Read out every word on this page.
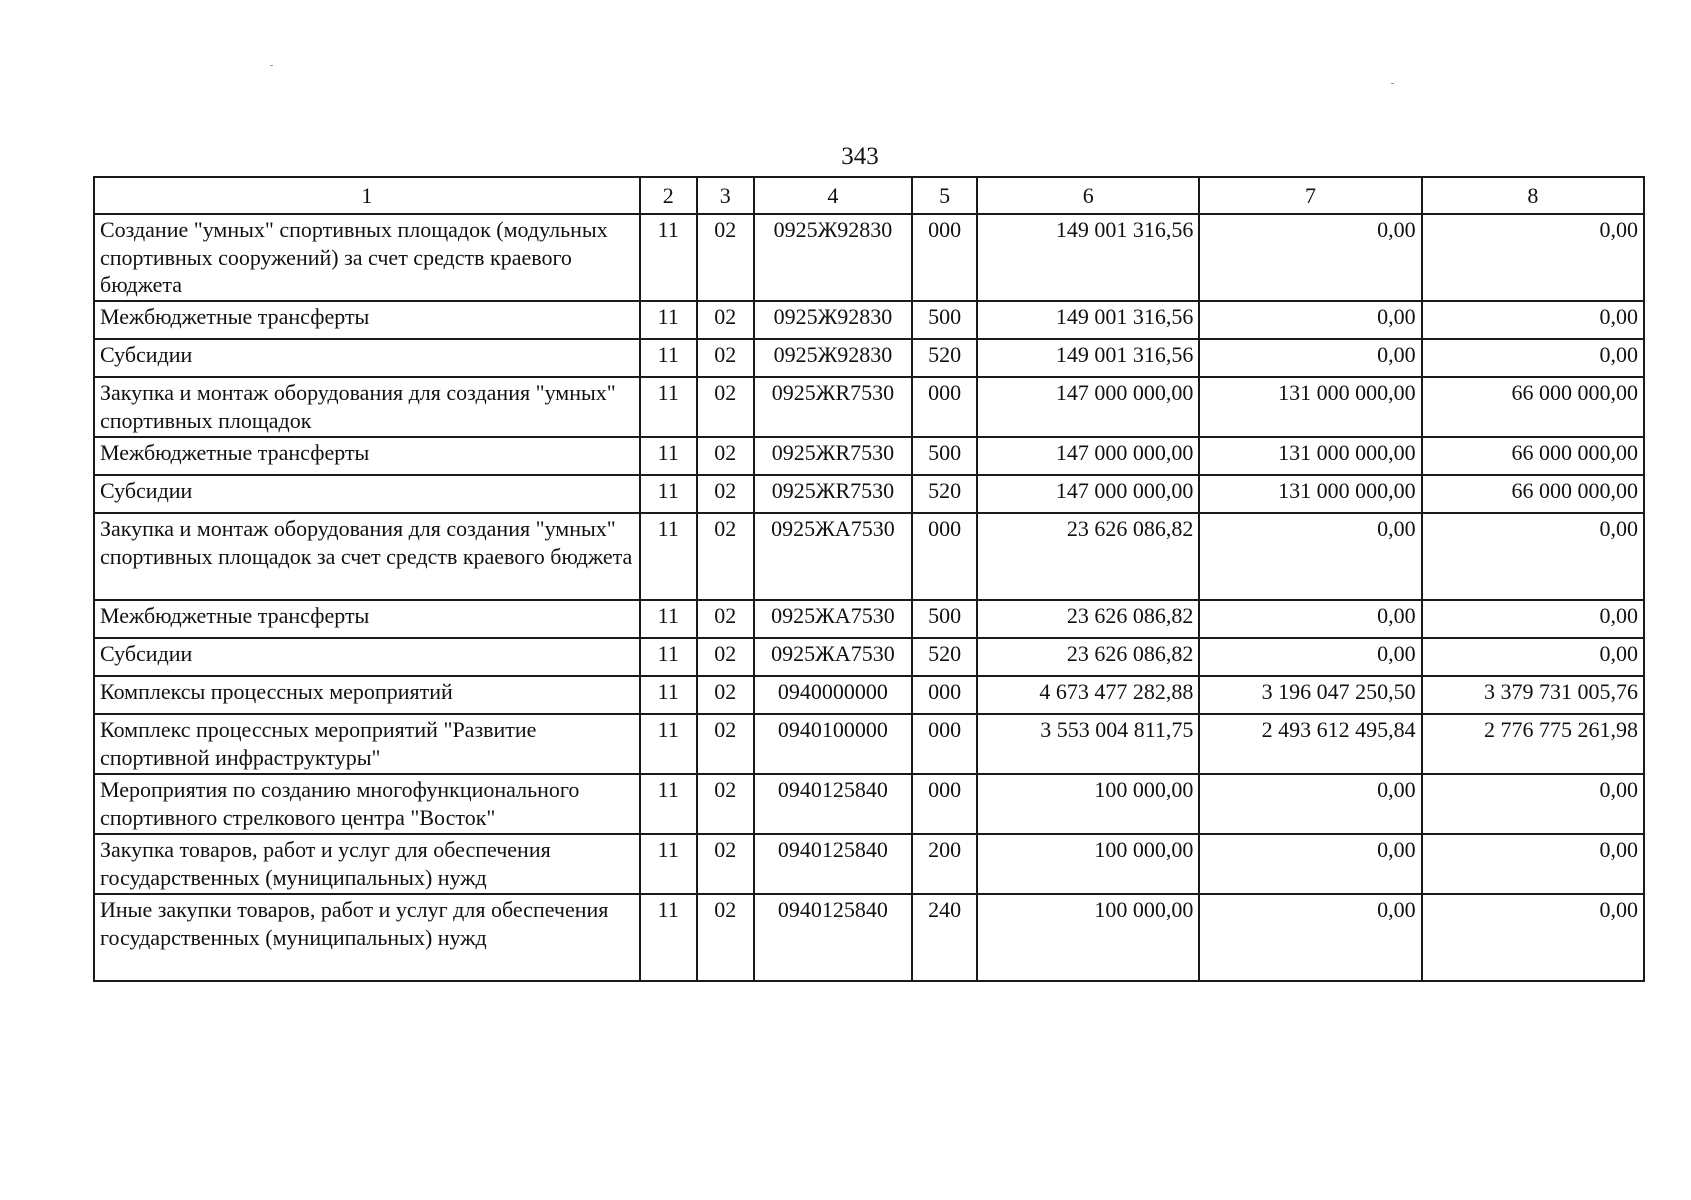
343
1	2	3	4	5	6	7	8
Создание "умных" спортивных площадок (модульных спортивных сооружений) за счет средств краевого бюджета	11	02	0925Ж92830	000	149 001 316,56	0,00	0,00
Межбюджетные трансферты	11	02	0925Ж92830	500	149 001 316,56	0,00	0,00
Субсидии	11	02	0925Ж92830	520	149 001 316,56	0,00	0,00
Закупка и монтаж оборудования для создания "умных" спортивных площадок	11	02	0925ЖR7530	000	147 000 000,00	131 000 000,00	66 000 000,00
Межбюджетные трансферты	11	02	0925ЖR7530	500	147 000 000,00	131 000 000,00	66 000 000,00
Субсидии	11	02	0925ЖR7530	520	147 000 000,00	131 000 000,00	66 000 000,00
Закупка и монтаж оборудования для создания "умных" спортивных площадок за счет средств краевого бюджета	11	02	0925ЖА7530	000	23 626 086,82	0,00	0,00
Межбюджетные трансферты	11	02	0925ЖА7530	500	23 626 086,82	0,00	0,00
Субсидии	11	02	0925ЖА7530	520	23 626 086,82	0,00	0,00
Комплексы процессных мероприятий	11	02	0940000000	000	4 673 477 282,88	3 196 047 250,50	3 379 731 005,76
Комплекс процессных мероприятий "Развитие спортивной инфраструктуры"	11	02	0940100000	000	3 553 004 811,75	2 493 612 495,84	2 776 775 261,98
Мероприятия по созданию многофункционального спортивного стрелкового центра "Восток"	11	02	0940125840	000	100 000,00	0,00	0,00
Закупка товаров, работ и услуг для обеспечения государственных (муниципальных) нужд	11	02	0940125840	200	100 000,00	0,00	0,00
Иные закупки товаров, работ и услуг для обеспечения государственных (муниципальных) нужд	11	02	0940125840	240	100 000,00	0,00	0,00
